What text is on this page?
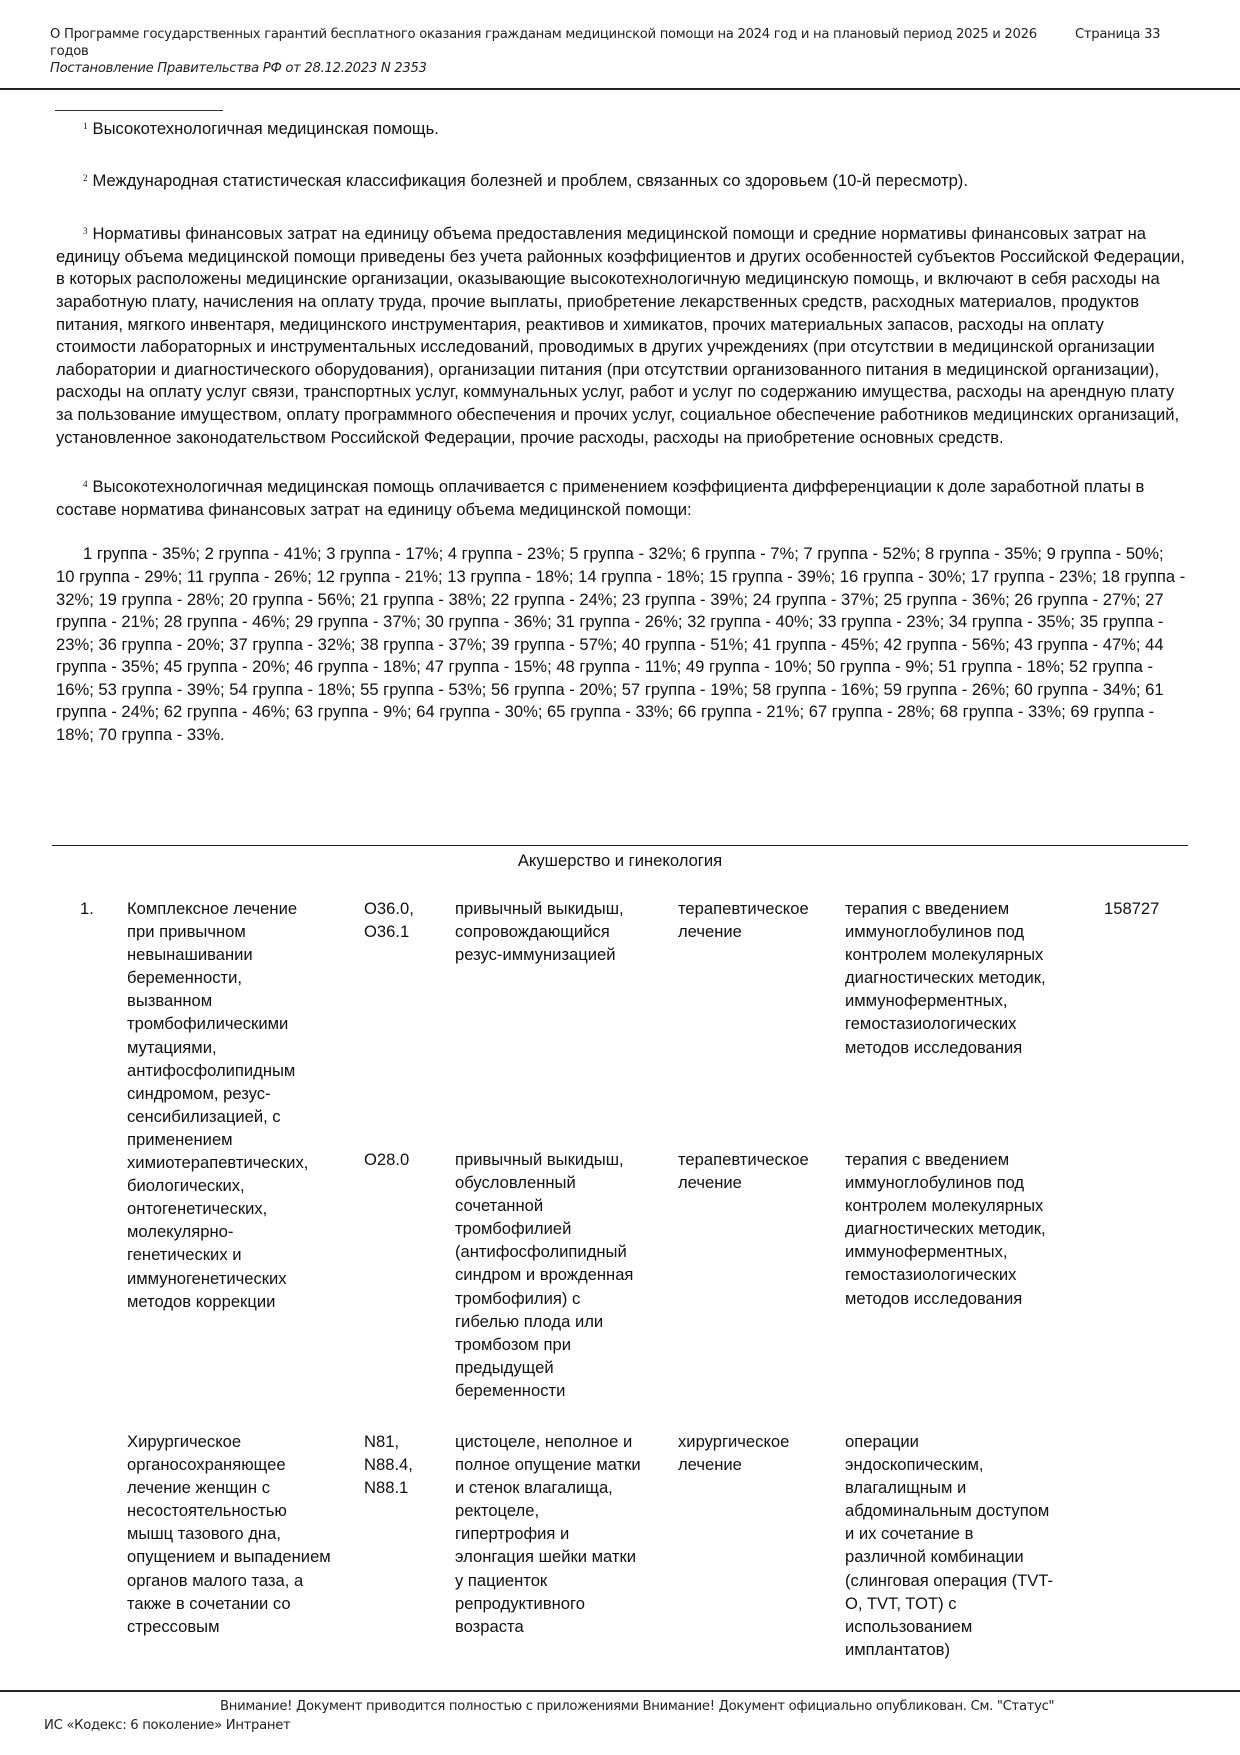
О Программе государственных гарантий бесплатного оказания гражданам медицинской помощи на 2024 год и на плановый период 2025 и 2026 годов
Постановление Правительства РФ от 28.12.2023 N 2353
Страница 33

$^1$ Высокотехнологичная медицинская помощь.

$^2$ Международная статистическая классификация болезней и проблем, связанных со здоровьем (10-й пересмотр).

$^3$ Нормативы финансовых затрат на единицу объема предоставления медицинской помощи и средние нормативы финансовых затрат на единицу объема медицинской помощи приведены без учета районных коэффициентов и других особенностей субъектов Российской Федерации, в которых расположены медицинские организации, оказывающие высокотехнологичную медицинскую помощь, и включают в себя расходы на заработную плату, начисления на оплату труда, прочие выплаты, приобретение лекарственных средств, расходных материалов, продуктов питания, мягкого инвентаря, медицинского инструментария, реактивов и химикатов, прочих материальных запасов, расходы на оплату стоимости лабораторных и инструментальных исследований, проводимых в других учреждениях (при отсутствии в медицинской организации лаборатории и диагностического оборудования), организации питания (при отсутствии организованного питания в медицинской организации), расходы на оплату услуг связи, транспортных услуг, коммунальных услуг, работ и услуг по содержанию имущества, расходы на арендную плату за пользование имуществом, оплату программного обеспечения и прочих услуг, социальное обеспечение работников медицинских организаций, установленное законодательством Российской Федерации, прочие расходы, расходы на приобретение основных средств.

$^4$ Высокотехнологичная медицинская помощь оплачивается с применением коэффициента дифференциации к доле заработной платы в составе норматива финансовых затрат на единицу объема медицинской помощи:

1 группа - 35%; 2 группа - 41%; 3 группа - 17%; 4 группа - 23%; 5 группа - 32%; 6 группа - 7%; 7 группа - 52%; 8 группа - 35%; 9 группа - 50%; 10 группа - 29%; 11 группа - 26%; 12 группа - 21%; 13 группа - 18%; 14 группа - 18%; 15 группа - 39%; 16 группа - 30%; 17 группа - 23%; 18 группа - 32%; 19 группа - 28%; 20 группа - 56%; 21 группа - 38%; 22 группа - 24%; 23 группа - 39%; 24 группа - 37%; 25 группа - 36%; 26 группа - 27%; 27 группа - 21%; 28 группа - 46%; 29 группа - 37%; 30 группа - 36%; 31 группа - 26%; 32 группа - 40%; 33 группа - 23%; 34 группа - 35%; 35 группа - 23%; 36 группа - 20%; 37 группа - 32%; 38 группа - 37%; 39 группа - 57%; 40 группа - 51%; 41 группа - 45%; 42 группа - 56%; 43 группа - 47%; 44 группа - 35%; 45 группа - 20%; 46 группа - 18%; 47 группа - 15%; 48 группа - 11%; 49 группа - 10%; 50 группа - 9%; 51 группа - 18%; 52 группа - 16%; 53 группа - 39%; 54 группа - 18%; 55 группа - 53%; 56 группа - 20%; 57 группа - 19%; 58 группа - 16%; 59 группа - 26%; 60 группа - 34%; 61 группа - 24%; 62 группа - 46%; 63 группа - 9%; 64 группа - 30%; 65 группа - 33%; 66 группа - 21%; 67 группа - 28%; 68 группа - 33%; 69 группа - 18%; 70 группа - 33%.

Акушерство и гинекология
1. Комплексное лечение
при привычном
невынашивании
беременности,
вызванном
тромбофилическими
мутациями,
антифосфолипидным
синдромом, резус-
сенсибилизацией, с
применением
химиотерапевтических,
биологических,
онтогенетических,
молекулярно-
генетических и
иммуногенетических
методов коррекции
O36.0,
O36.1
привычный выкидыш,
сопровождающийся
резус-иммунизацией
терапевтическое
лечение
терапия с введением
иммуноглобулинов под
контролем молекулярных
диагностических методик,
иммуноферментных,
гемостазиологических
методов исследования
158727
O28.0	привычный выкидыш,
обусловленный
сочетанной
тромбофилией
(антифосфолипидный
синдром и врожденная
тромбофилия) с
гибелью плода или
тромбозом при
предыдущей
беременности
терапевтическое
лечение
терапия с введением
иммуноглобулинов под
контролем молекулярных
диагностических методик,
иммуноферментных,
гемостазиологических
методов исследования
Хирургическое
органосохраняющее
лечение женщин с
несостоятельностью
мышц тазового дна,
опущением и выпадением
органов малого таза, а
также в сочетании со
стрессовым
N81,
N88.4,
N88.1
цистоцеле, неполное и
полное опущение матки
и стенок влагалища,
ректоцеле,
гипертрофия и
элонгация шейки матки
у пациенток
репродуктивного
возраста
хирургическое
лечение
операции
эндоскопическим,
влагалищным и
абдоминальным доступом
и их сочетание в
различной комбинации
(слинговая операция (TVT-
O, TVT, TOT) с
использованием
имплантатов)
Внимание! Документ приводится полностью с приложениями Внимание! Документ официально опубликован. См. "Статус"
ИС «Кодекс: 6 поколение» Интранет
